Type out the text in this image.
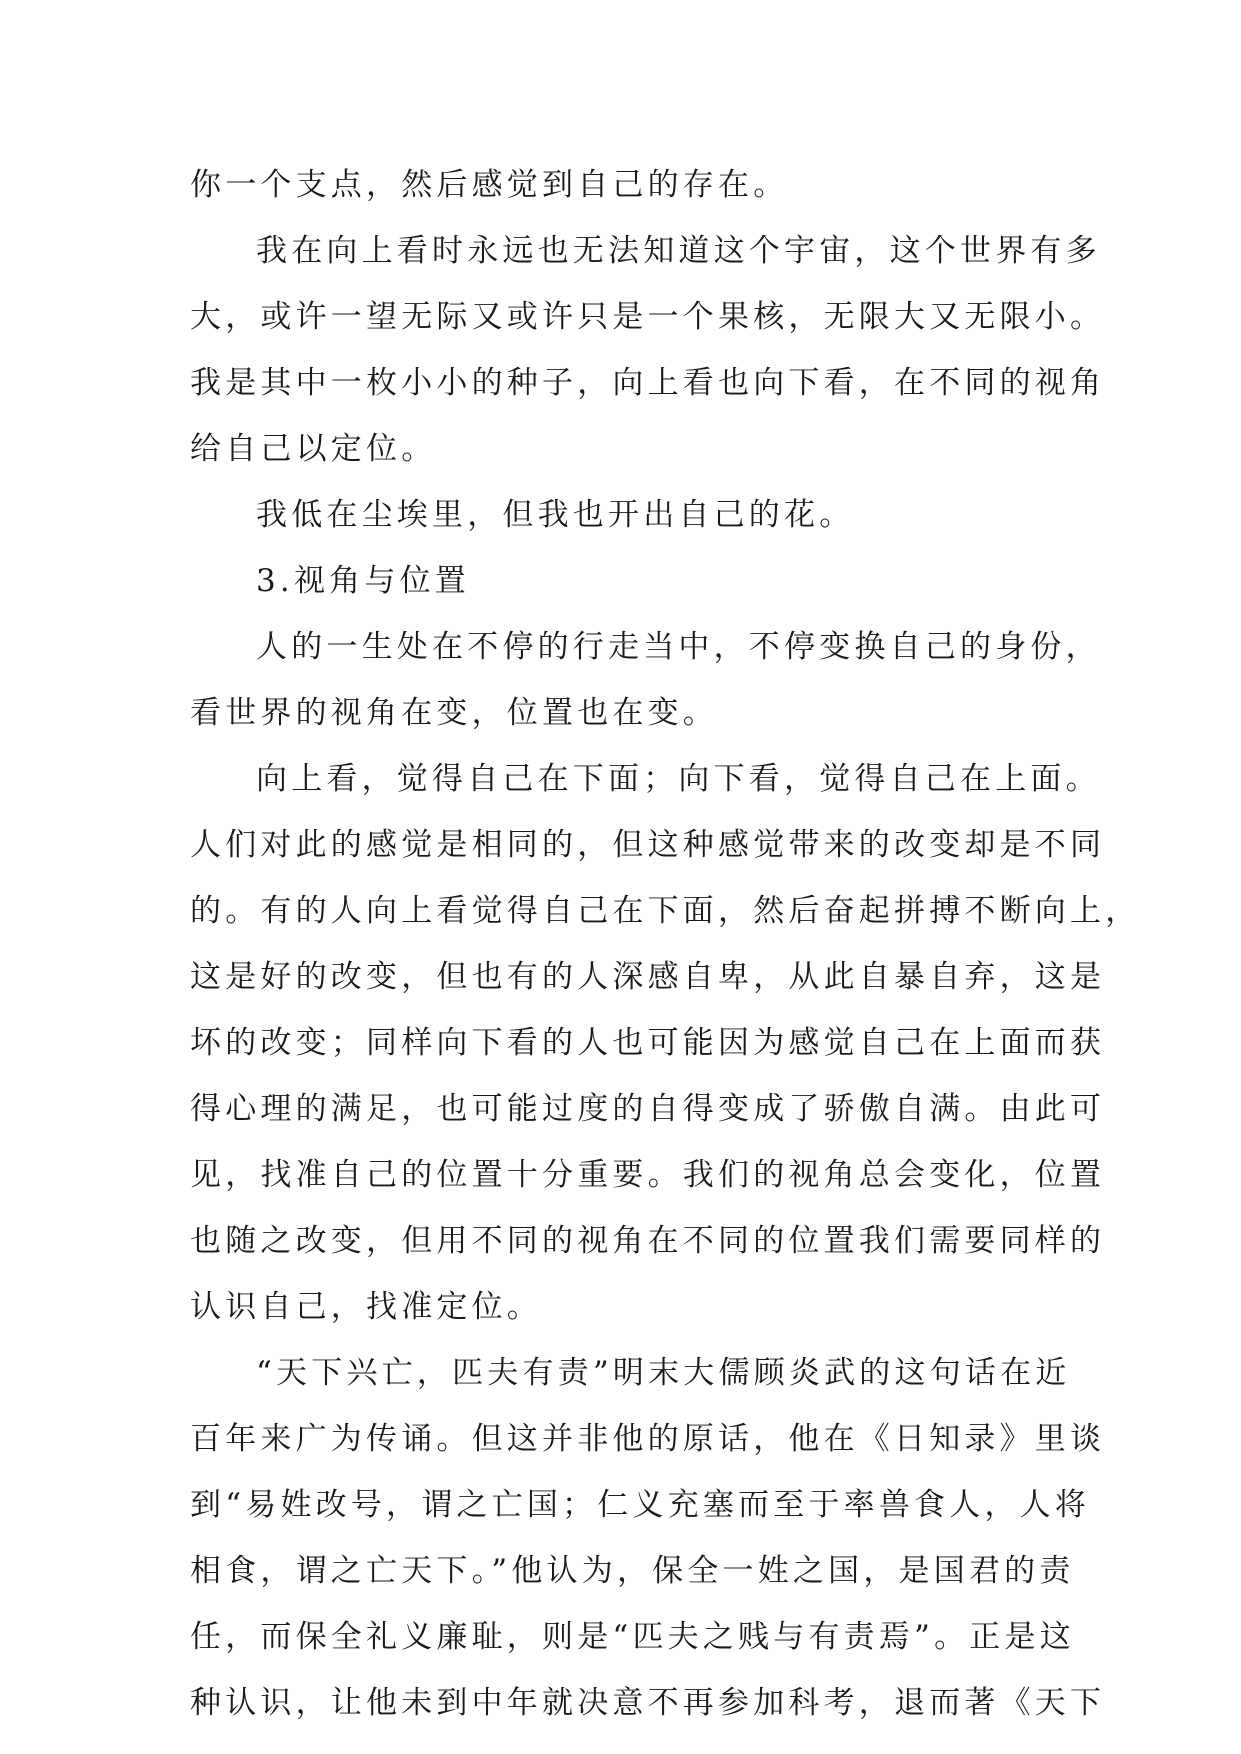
你一个支点，然后感觉到自己的存在。
我在向上看时永远也无法知道这个宇宙，这个世界有多
大，或许一望无际又或许只是一个果核，无限大又无限小。
我是其中一枚小小的种子，向上看也向下看，在不同的视角
给自己以定位。
我低在尘埃里，但我也开出自己的花。
3.视角与位置
人的一生处在不停的行走当中，不停变换自己的身份，
看世界的视角在变，位置也在变。
向上看，觉得自己在下面；向下看，觉得自己在上面。
人们对此的感觉是相同的，但这种感觉带来的改变却是不同
的。有的人向上看觉得自己在下面，然后奋起拼搏不断向上，
这是好的改变，但也有的人深感自卑，从此自暴自弃，这是
坏的改变；同样向下看的人也可能因为感觉自己在上面而获
得心理的满足，也可能过度的自得变成了骄傲自满。由此可
见，找准自己的位置十分重要。我们的视角总会变化，位置
也随之改变，但用不同的视角在不同的位置我们需要同样的
认识自己，找准定位。
“天下兴亡，匹夫有责”明末大儒顾炎武的这句话在近
百年来广为传诵。但这并非他的原话，他在《日知录》里谈
到“易姓改号，谓之亡国；仁义充塞而至于率兽食人，人将
相食，谓之亡天下。”他认为，保全一姓之国，是国君的责
任，而保全礼义廉耻，则是“匹夫之贱与有责焉”。正是这
种认识，让他未到中年就决意不再参加科考，退而著《天下
